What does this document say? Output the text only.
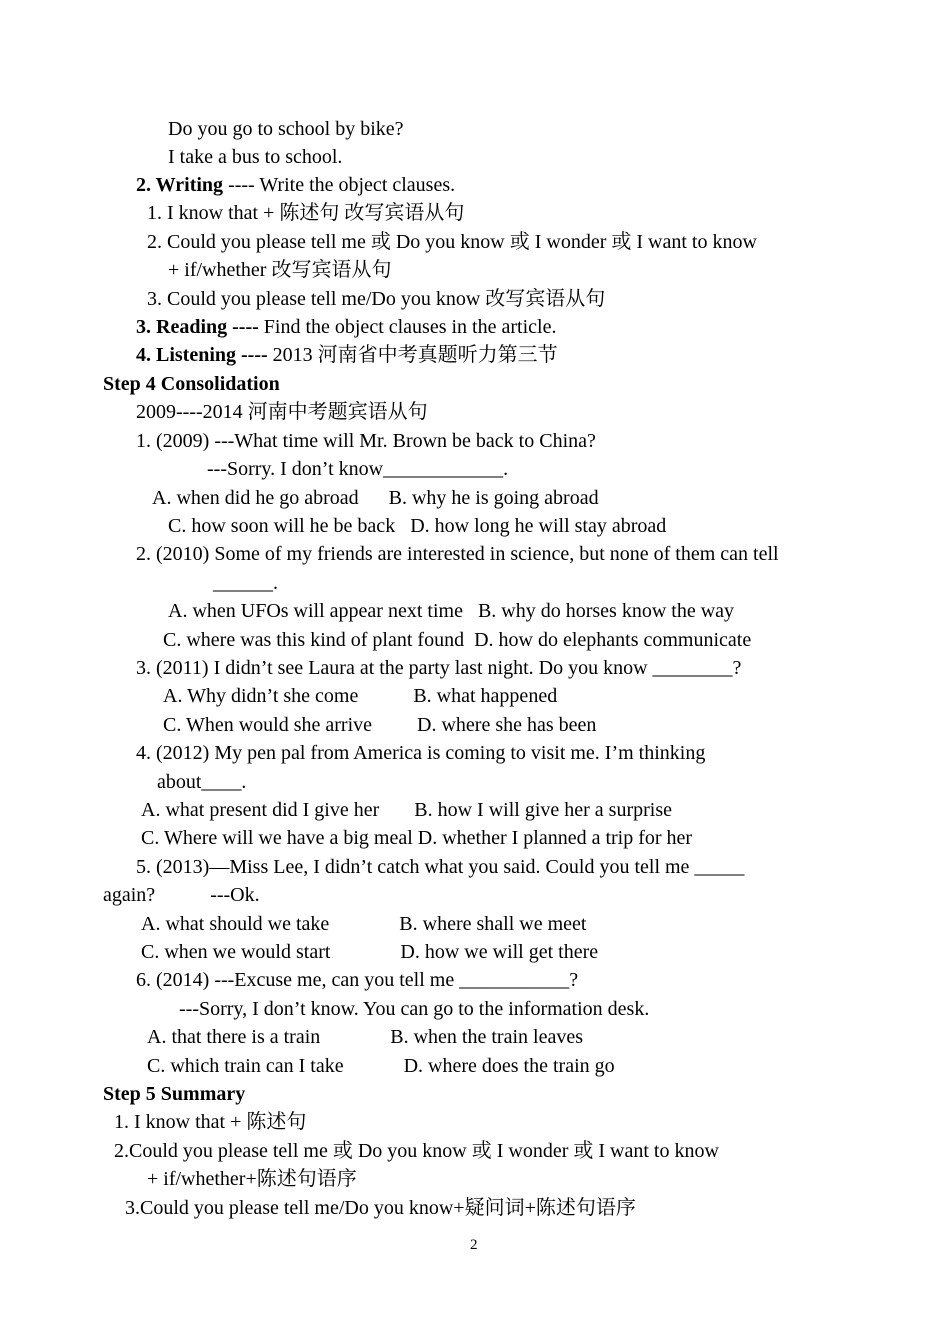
Do you go to school by bike?
I take a bus to school.
2. Writing ---- Write the object clauses.
1. I know that + 陈述句 改写宾语从句
2. Could you please tell me 或 Do you know 或 I wonder 或 I want to know
+ if/whether 改写宾语从句
3. Could you please tell me/Do you know 改写宾语从句
3. Reading ---- Find the object clauses in the article.
4. Listening ---- 2013 河南省中考真题听力第三节
Step 4 Consolidation
2009----2014 河南中考题宾语从句
1. (2009) ---What time will Mr. Brown be back to China?
---Sorry. I don’t know____________.
A. when did he go abroad      B. why he is going abroad
C. how soon will he be back   D. how long he will stay abroad
2. (2010) Some of my friends are interested in science, but none of them can tell
______.
A. when UFOs will appear next time   B. why do horses know the way
C. where was this kind of plant found  D. how do elephants communicate
3. (2011) I didn’t see Laura at the party last night. Do you know ________?
A. Why didn’t she come           B. what happened
C. When would she arrive         D. where she has been
4. (2012) My pen pal from America is coming to visit me. I’m thinking
about____.
A. what present did I give her       B. how I will give her a surprise
C. Where will we have a big meal D. whether I planned a trip for her
5. (2013)—Miss Lee, I didn’t catch what you said. Could you tell me _____
again?           ---Ok.
A. what should we take              B. where shall we meet
C. when we would start              D. how we will get there
6. (2014) ---Excuse me, can you tell me ___________?
---Sorry, I don’t know. You can go to the information desk.
A. that there is a train              B. when the train leaves
C. which train can I take            D. where does the train go
Step 5 Summary
1. I know that + 陈述句
2.Could you please tell me 或 Do you know 或 I wonder 或 I want to know
+ if/whether+陈述句语序
3.Could you please tell me/Do you know+疑问词+陈述句语序
2
